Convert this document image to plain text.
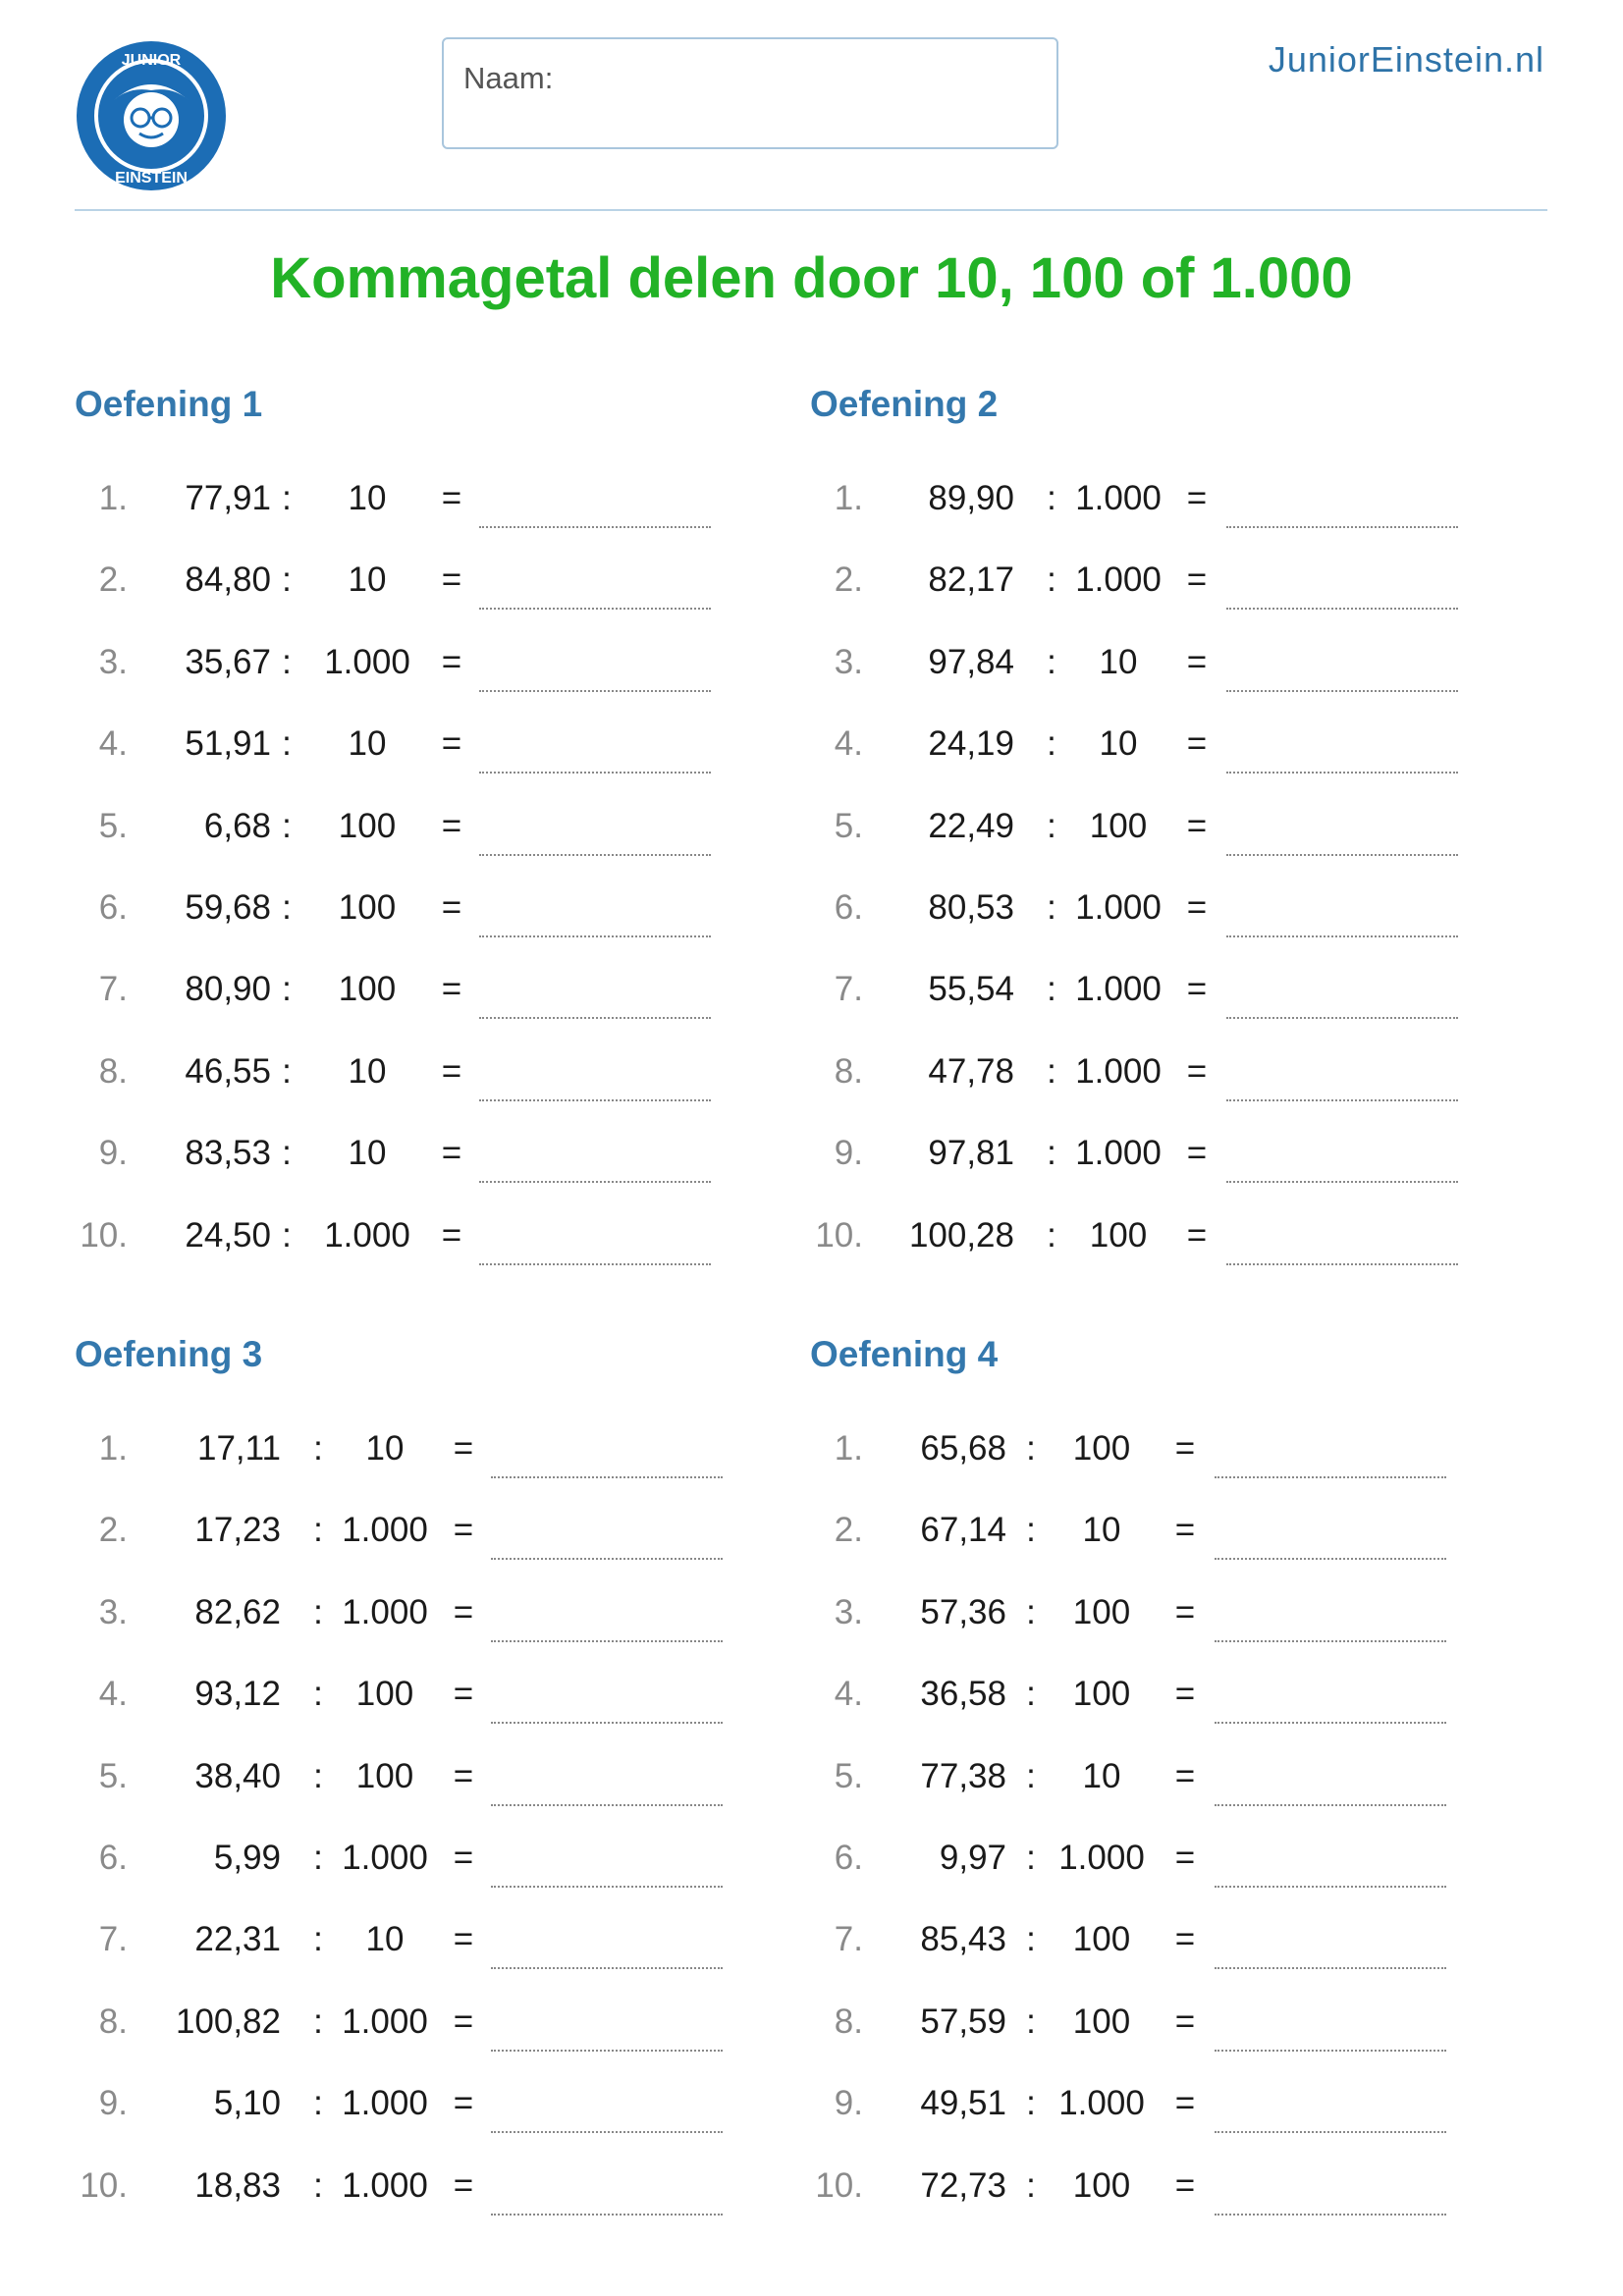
JUNIOR
EINSTEIN
Naam:	JuniorEinstein.nl
Kommagetal delen door 10, 100 of 1.000
Oefening 1
1. 77,91 :	10	=
2. 84,80 :	10	=
3. 35,67 : 1.000 =
4. 51,91 :	10	=
5. 6,68 :	100	=
6. 59,68 :	100	=
7. 80,90 :	100	=
8. 46,55 :	10	=
9. 83,53 :	10	=
10. 24,50 : 1.000 =
Oefening 2
1. 89,90 : 1.000 =
2. 82,17 : 1.000 =
3. 97,84 :	10	=
4. 24,19 :	10	=
5. 22,49 : 100	=
6. 80,53 : 1.000 =
7. 55,54 : 1.000 =
8. 47,78 : 1.000 =
9. 97,81 : 1.000 =
10. 100,28 : 100	=
Oefening 3
1. 17,11 :	10	=
2. 17,23 : 1.000 =
3. 82,62 : 1.000 =
4. 93,12 : 100	=
5. 38,40 : 100	=
6.	5,99 : 1.000 =
7. 22,31 :	10	=
8. 100,82 : 1.000 =
9.	5,10 : 1.000 =
10. 18,83 : 1.000 =
Oefening 4
1. 65,68 :	100	=
2. 67,14 :	10	=
3. 57,36 :	100	=
4. 36,58 :	100	=
5. 77,38 :	10	=
6. 9,97 : 1.000 =
7. 85,43 :	100	=
8. 57,59 :	100	=
9. 49,51 : 1.000 =
10. 72,73 :	100	=
